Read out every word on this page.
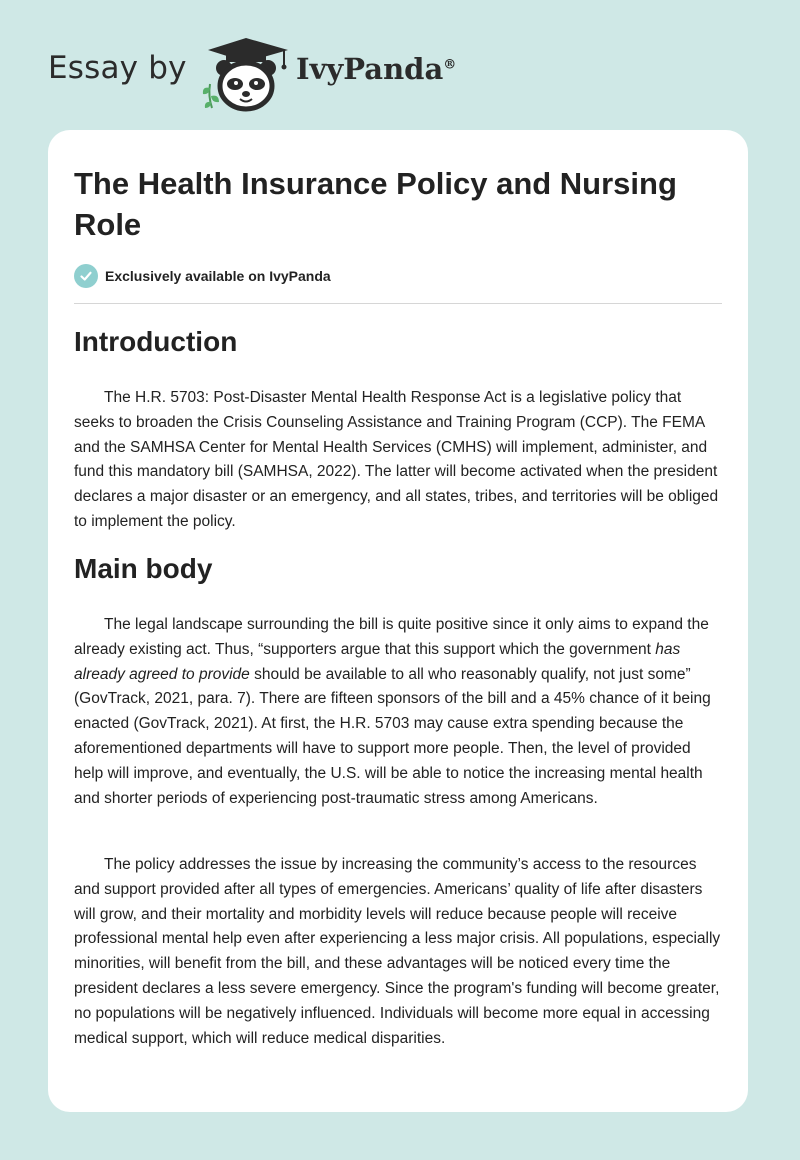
Essay by	IvyPanda®
The Health Insurance Policy and Nursing Role
Exclusively available on IvyPanda
Introduction

The H.R. 5703: Post-Disaster Mental Health Response Act is a legislative policy that seeks to broaden the Crisis Counseling Assistance and Training Program (CCP). The FEMA and the SAMHSA Center for Mental Health Services (CMHS) will implement, administer, and fund this mandatory bill (SAMHSA, 2022). The latter will become activated when the president declares a major disaster or an emergency, and all states, tribes, and territories will be obliged to implement the policy.

Main body

The legal landscape surrounding the bill is quite positive since it only aims to expand the already existing act. Thus, “supporters argue that this support which the government has already agreed to provide should be available to all who reasonably qualify, not just some” (GovTrack, 2021, para. 7). There are fifteen sponsors of the bill and a 45% chance of it being enacted (GovTrack, 2021). At first, the H.R. 5703 may cause extra spending because the aforementioned departments will have to support more people. Then, the level of provided help will improve, and eventually, the U.S. will be able to notice the increasing mental health and shorter periods of experiencing post-traumatic stress among Americans.

The policy addresses the issue by increasing the community’s access to the resources and support provided after all types of emergencies. Americans’ quality of life after disasters will grow, and their mortality and morbidity levels will reduce because people will receive professional mental help even after experiencing a less major crisis. All populations, especially minorities, will benefit from the bill, and these advantages will be noticed every time the president declares a less severe emergency. Since the program's funding will become greater, no populations will be negatively influenced. Individuals will become more equal in accessing medical support, which will reduce medical disparities.
